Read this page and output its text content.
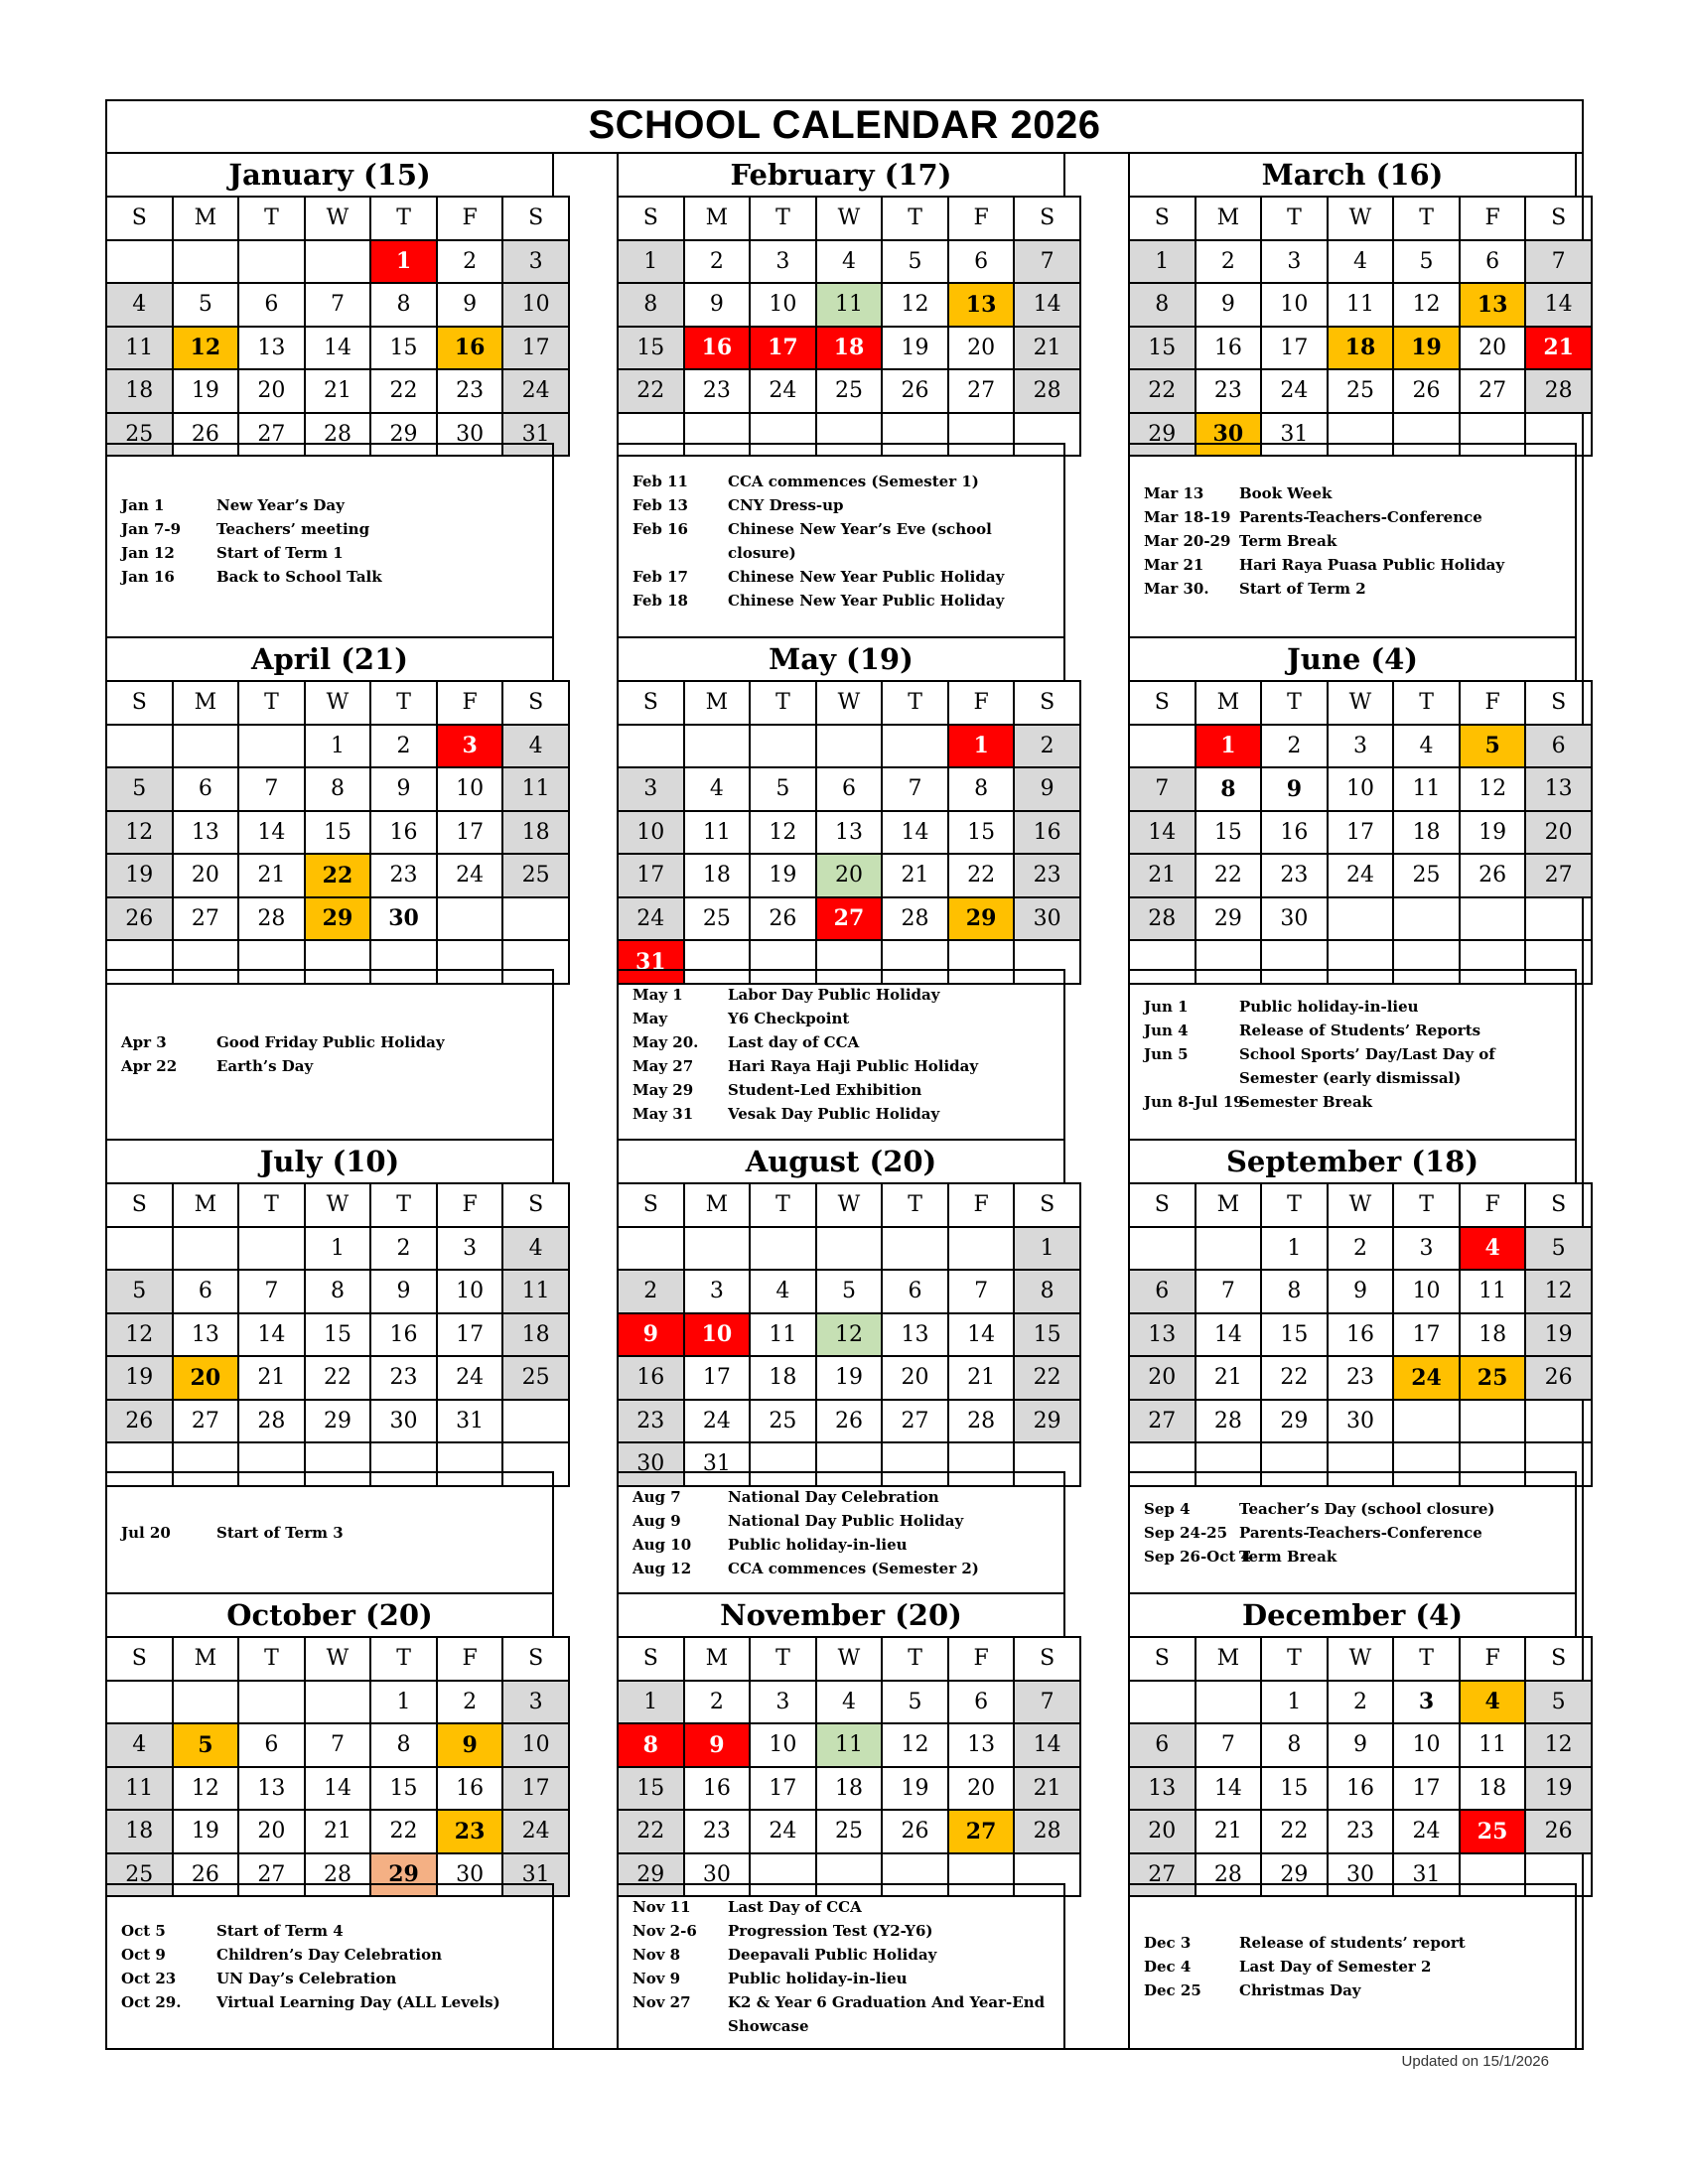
SCHOOL CALENDAR 2026
January (15)
S	M	T	W	T	F	S
				1	2	3
4	5	6	7	8	9	10
11	12	13	14	15	16	17
18	19	20	21	22	23	24
25	26	27	28	29	30	31
Jan 1	New Year’s Day
Jan 7-9 Teachers’ meeting
Jan 12	Start of Term 1
Jan 16	Back to School Talk
February (17)
S	M	T	W	T	F	S
1	2	3	4	5	6	7
8	9	10	11	12	13	14
15	16	17	18	19	20	21
22	23	24	25	26	27	28

Feb 11	CCA commences (Semester 1)
Feb 13	CNY Dress-up
Feb 16	Chinese New Year’s Eve (school closure)
Feb 17	Chinese New Year Public Holiday
Feb 18	Chinese New Year Public Holiday
March (16)
S	M	T	W	T	F	S
1	2	3	4	5	6	7
8	9	10	11	12	13	14
15	16	17	18	19	20	21
22	23	24	25	26	27	28
29	30	31				
Mar 13 Book Week
Mar 18-19 Parents-Teachers-Conference
Mar 20-29 Term Break
Mar 21 Hari Raya Puasa Public Holiday
Mar 30. Start of Term 2
April (21)
S	M	T	W	T	F	S
			1	2	3	4
5	6	7	8	9	10	11
12	13	14	15	16	17	18
19	20	21	22	23	24	25
26	27	28	29	30		

Apr 3	Good Friday Public Holiday
Apr 22	Earth’s Day
May (19)
S	M	T	W	T	F	S
					1	2
3	4	5	6	7	8	9
10	11	12	13	14	15	16
17	18	19	20	21	22	23
24	25	26	27	28	29	30
31						
May 1	Labor Day Public Holiday
May	Y6 Checkpoint
May 20. Last day of CCA
May 27 Hari Raya Haji Public Holiday
May 29 Student-Led Exhibition
May 31 Vesak Day Public Holiday
June (4)
S	M	T	W	T	F	S
	1	2	3	4	5	6
7	8	9	10	11	12	13
14	15	16	17	18	19	20
21	22	23	24	25	26	27
28	29	30				

Jun 1	Public holiday-in-lieu
Jun 4	Release of Students’ Reports
Jun 5	School Sports’ Day/Last Day of Semester (early dismissal)
Jun 8-Jul 19
Semester Break
July (10)
S	M	T	W	T	F	S
			1	2	3	4
5	6	7	8	9	10	11
12	13	14	15	16	17	18
19	20	21	22	23	24	25
26	27	28	29	30	31	

Jul 20	Start of Term 3
August (20)
S	M	T	W	T	F	S
						1
2	3	4	5	6	7	8
9	10	11	12	13	14	15
16	17	18	19	20	21	22
23	24	25	26	27	28	29
30	31					
Aug 7	National Day Celebration
Aug 9	National Day Public Holiday
Aug 10 Public holiday-in-lieu
Aug 12 CCA commences (Semester 2)
September (18)
S	M	T	W	T	F	S
		1	2	3	4	5
6	7	8	9	10	11	12
13	14	15	16	17	18	19
20	21	22	23	24	25	26
27	28	29	30			

Sep 4	Teacher’s Day (school closure)
Sep 24-25 Parents-Teachers-Conference
Sep 26-Oct 4
Term Break
October (20)
S	M	T	W	T	F	S
				1	2	3
4	5	6	7	8	9	10
11	12	13	14	15	16	17
18	19	20	21	22	23	24
25	26	27	28	29	30	31
Oct 5	Start of Term 4
Oct 9	Children’s Day Celebration
Oct 23	UN Day’s Celebration
Oct 29. Virtual Learning Day (ALL Levels)
November (20)
S	M	T	W	T	F	S
1	2	3	4	5	6	7
8	9	10	11	12	13	14
15	16	17	18	19	20	21
22	23	24	25	26	27	28
29	30					
Nov 11 Last Day of CCA
Nov 2-6 Progression Test (Y2-Y6)
Nov 8	Deepavali Public Holiday
Nov 9	Public holiday-in-lieu
Nov 27 K2 & Year 6 Graduation And Year-End Showcase
December (4)
S	M	T	W	T	F	S
		1	2	3	4	5
6	7	8	9	10	11	12
13	14	15	16	17	18	19
20	21	22	23	24	25	26
27	28	29	30	31		
Dec 3	Release of students’ report
Dec 4	Last Day of Semester 2
Dec 25	Christmas Day
Updated on 15/1/2026
